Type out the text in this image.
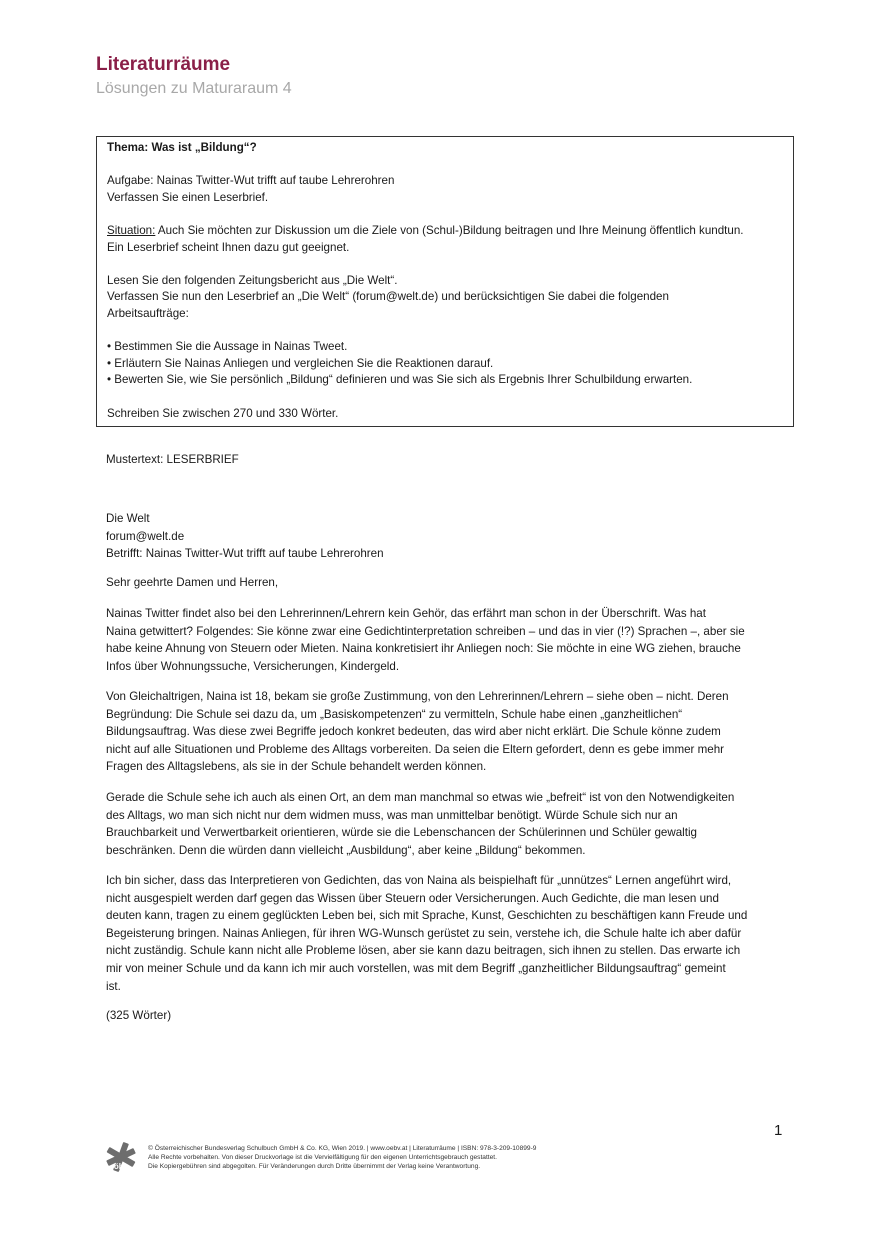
Literaturräume
Lösungen zu Maturaraum 4

Thema: Was ist „Bildung“?

Aufgabe: Nainas Twitter-Wut trifft auf taube Lehrerohren

Verfassen Sie einen Leserbrief.

Situation: Auch Sie möchten zur Diskussion um die Ziele von (Schul-)Bildung beitragen und Ihre Meinung öffentlich kundtun.

Ein Leserbrief scheint Ihnen dazu gut geeignet.

Lesen Sie den folgenden Zeitungsbericht aus „Die Welt“.

Verfassen Sie nun den Leserbrief an „Die Welt“ (forum@welt.de) und berücksichtigen Sie dabei die folgenden

Arbeitsaufträge:

• Bestimmen Sie die Aussage in Nainas Tweet.

• Erläutern Sie Nainas Anliegen und vergleichen Sie die Reaktionen darauf.

• Bewerten Sie, wie Sie persönlich „Bildung“ definieren und was Sie sich als Ergebnis Ihrer Schulbildung erwarten.

Schreiben Sie zwischen 270 und 330 Wörter.

Mustertext: LESERBRIEF

Die Welt

forum@welt.de

Betrifft: Nainas Twitter-Wut trifft auf taube Lehrerohren

Sehr geehrte Damen und Herren,

Nainas Twitter findet also bei den Lehrerinnen/Lehrern kein Gehör, das erfährt man schon in der Überschrift. Was hat

Naina getwittert? Folgendes: Sie könne zwar eine Gedichtinterpretation schreiben – und das in vier (!?) Sprachen –, aber sie

habe keine Ahnung von Steuern oder Mieten. Naina konkretisiert ihr Anliegen noch: Sie möchte in eine WG ziehen, brauche

Infos über Wohnungssuche, Versicherungen, Kindergeld.

Von Gleichaltrigen, Naina ist 18, bekam sie große Zustimmung, von den Lehrerinnen/Lehrern – siehe oben – nicht. Deren

Begründung: Die Schule sei dazu da, um „Basiskompetenzen“ zu vermitteln, Schule habe einen „ganzheitlichen“

Bildungsauftrag. Was diese zwei Begriffe jedoch konkret bedeuten, das wird aber nicht erklärt. Die Schule könne zudem

nicht auf alle Situationen und Probleme des Alltags vorbereiten. Da seien die Eltern gefordert, denn es gebe immer mehr

Fragen des Alltagslebens, als sie in der Schule behandelt werden können.

Gerade die Schule sehe ich auch als einen Ort, an dem man manchmal so etwas wie „befreit“ ist von den Notwendigkeiten

des Alltags, wo man sich nicht nur dem widmen muss, was man unmittelbar benötigt. Würde Schule sich nur an

Brauchbarkeit und Verwertbarkeit orientieren, würde sie die Lebenschancen der Schülerinnen und Schüler gewaltig

beschränken. Denn die würden dann vielleicht „Ausbildung“, aber keine „Bildung“ bekommen.

Ich bin sicher, dass das Interpretieren von Gedichten, das von Naina als beispielhaft für „unnützes“ Lernen angeführt wird,

nicht ausgespielt werden darf gegen das Wissen über Steuern oder Versicherungen. Auch Gedichte, die man lesen und

deuten kann, tragen zu einem geglückten Leben bei, sich mit Sprache, Kunst, Geschichten zu beschäftigen kann Freude und

Begeisterung bringen. Nainas Anliegen, für ihren WG-Wunsch gerüstet zu sein, verstehe ich, die Schule halte ich aber dafür

nicht zuständig. Schule kann nicht alle Probleme lösen, aber sie kann dazu beitragen, sich ihnen zu stellen. Das erwarte ich

mir von meiner Schule und da kann ich mir auch vorstellen, was mit dem Begriff „ganzheitlicher Bildungsauftrag“ gemeint

ist.

(325 Wörter)

1
öbv
© Österreichischer Bundesverlag Schulbuch GmbH & Co. KG, Wien 2019. | www.oebv.at | Literaturräume | ISBN: 978-3-209-10899-9
Alle Rechte vorbehalten. Von dieser Druckvorlage ist die Vervielfältigung für den eigenen Unterrichtsgebrauch gestattet.
Die Kopiergebühren sind abgegolten. Für Veränderungen durch Dritte übernimmt der Verlag keine Verantwortung.
